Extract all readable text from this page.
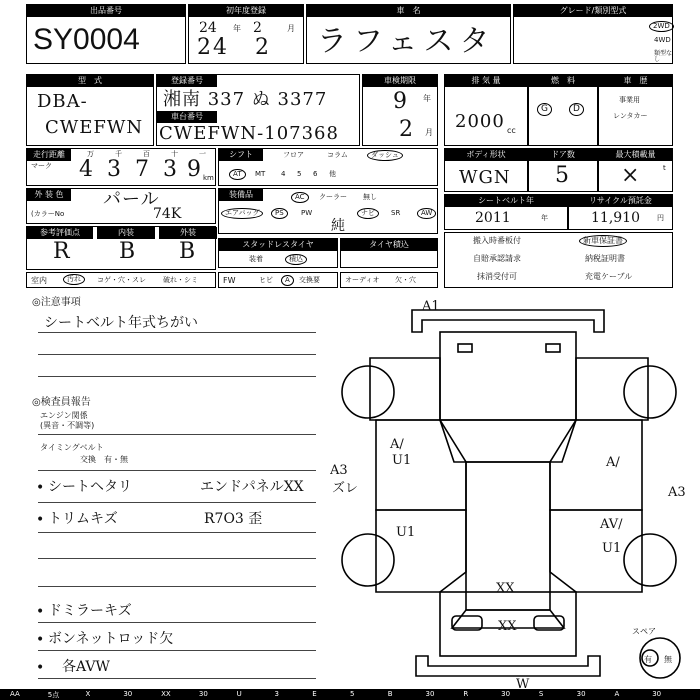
出品番号
SY0004
初年度登録
24 年 2	月
24 2
車　名
ラフェスタ
グレード/類別型式
2WD
4WD
類型なし
型　式
DBA-
CWEFWN
登録番号
湘南 337 ぬ 3377
車台番号
CWEFWN-107368
車検期限
9 年
2 月
排 気 量
2000 cc
燃　料
G	D
車　歴
事業用
レンタカー
走行距離
マーク
万	千	百	十	一
4 3 7 3 9 km
シフト	フロア	コラム	ダッシュ
AT	MT 4 5 6 他
ボディ形状
WGN
ドア数
5
最大積載量
×	t
外 装 色
(カラーNo
パール
74K
装備品	AC	クーラー 無し
エアバッグ	PS	PW	ナビ	SR	AW
純
シートベルト年
2011	年
リサイクル預託金
11,910 円
参考評価点	内装	外装
R B B	スタッドレスタイヤ
装着	積込
タイヤ積込	搬入時番板付	新車保証書
自賠承認請求	納税証明書
抹消受付可	充電ケーブル
室内	汚れ	コゲ・穴・スレ 破れ・シミ	FW	ヒビ	A	交換要	オーディオ 欠・穴
◎注意事項
シートベルト年式ちがい
◎検査員報告
エンジン関係
(異音・不調等)
タイミングベルト
交換　有・無
• シートヘタリ	エンドパネルXX
• トリムキズ	R7O3 歪
• ドミラーキズ
• ボンネットロッド欠
• 各AVW
A1
A/
U1
A3
ズレ
A/
A3
AV/
U1
U1
XX
XX
W
スペア
有 無
AA	5点	X	30	XX	30	U	3	E	5	B	30	R	30	S	30	A	30
